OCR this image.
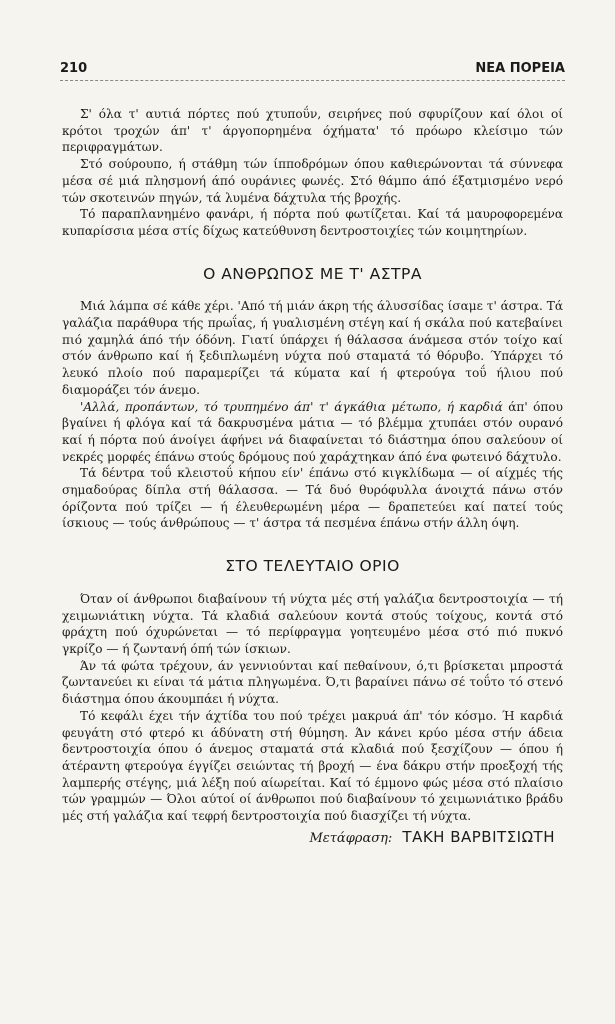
210	ΝΕΑ ΠΟΡΕΙΑ

Σ' όλα τ' αυτιά πόρτες πού χτυποΰν, σειρήνες πού σφυρίζουν καί όλοι οί κρότοι τροχών άπ' τ' άργοπορημένα όχήματα' τό πρόωρο κλείσιμο τών περιφραγμάτων.

Στό σούρουπο, ή στάθμη τών ίπποδρόμων όπου καθιερώνονται τά σύννεφα μέσα σέ μιά πλησμονή άπό ουράνιες φωνές. Στό θάμπο άπό έξατμισμένο νερό τών σκοτεινών πηγών, τά λυμένα δάχτυλα τής βροχής.

Τό παραπλανημένο φανάρι, ή πόρτα πού φωτίζεται. Καί τά μαυροφορεμένα κυπαρίσσια μέσα στίς δίχως κατεύθυνση δεντροστοιχίες τών κοιμητηρίων.

Ο ΑΝΘΡΩΠΟΣ ΜΕ Τ' ΑΣΤΡΑ

Μιά λάμπα σέ κάθε χέρι. 'Από τή μιάν άκρη τής άλυσσίδας ίσαμε τ' άστρα. Τά γαλάζια παράθυρα τής πρωΐας, ή γυαλισμένη στέγη καί ή σκάλα πού κατεβαίνει πιό χαμηλά άπό τήν όδόνη. Γιατί ύπάρχει ή θάλασσα άνάμεσα στόν τοίχο καί στόν άνθρωπο καί ή ξεδιπλωμένη νύχτα πού σταματά τό θόρυβο. Ύπάρχει τό λευκό πλοίο πού παραμερίζει τά κύματα καί ή φτερούγα τοΰ ήλιου πού διαμοράζει τόν άνεμο.

'Αλλά, προπάντων, τό τρυπημένο άπ' τ' άγκάθια μέτωπο, ή καρδιά άπ' όπου βγαίνει ή φλόγα καί τά δακρυσμένα μάτια — τό βλέμμα χτυπάει στόν ουρανό καί ή πόρτα πού άνοίγει άφήνει νά διαφαίνεται τό διάστημα όπου σαλεύουν οί νεκρές μορφές έπάνω στούς δρόμους πού χαράχτηκαν άπό ένα φωτεινό δάχτυλο.

Τά δέντρα τοΰ κλειστοΰ κήπου είν' έπάνω στό κιγκλίδωμα — οί αίχμές τής σημαδούρας δίπλα στή θάλασσα. — Τά δυό θυρόφυλλα άνοιχτά πάνω στόν όρίζοντα πού τρίζει — ή έλευθερωμένη μέρα — δραπετεύει καί πατεί τούς ίσκιους — τούς άνθρώπους — τ' άστρα τά πεσμένα έπάνω στήν άλλη όψη.

ΣΤΟ ΤΕΛΕΥΤΑΙΟ ΟΡΙΟ

Όταν οί άνθρωποι διαβαίνουν τή νύχτα μές στή γαλάζια δεντροστοιχία — τή χειμωνιάτικη νύχτα. Τά κλαδιά σαλεύουν κοντά στούς τοίχους, κοντά στό φράχτη πού όχυρώνεται — τό περίφραγμα γοητευμένο μέσα στό πιό πυκνό γκρίζο — ή ζωντανή όπή τών ίσκιων.

Άν τά φώτα τρέχουν, άν γεννιούνται καί πεθαίνουν, ό,τι βρίσκεται μπροστά ζωντανεύει κι είναι τά μάτια πληγωμένα. Ό,τι βαραίνει πάνω σέ τοΰτο τό στενό διάστημα όπου άκουμπάει ή νύχτα.

Τό κεφάλι έχει τήν άχτίδα του πού τρέχει μακρυά άπ' τόν κόσμο. Ή καρδιά φευγάτη στό φτερό κι άδύνατη στή θύμηση. Άν κάνει κρύο μέσα στήν άδεια δεντροστοιχία όπου ό άνεμος σταματά στά κλαδιά πού ξεσχίζουν — όπου ή άτέραντη φτερούγα έγγίζει σειώντας τή βροχή — ένα δάκρυ στήν προεξοχή τής λαμπερής στέγης, μιά λέξη πού αίωρείται. Καί τό έμμονο φώς μέσα στό πλαίσιο τών γραμμών — Όλοι αύτοί οί άνθρωποι πού διαβαίνουν τό χειμωνιάτικο βράδυ μές στή γαλάζια καί τεφρή δεντροστοιχία πού διασχίζει τή νύχτα.

Μετάφραση: ΤΑΚΗ ΒΑΡΒΙΤΣΙΩΤΗ
